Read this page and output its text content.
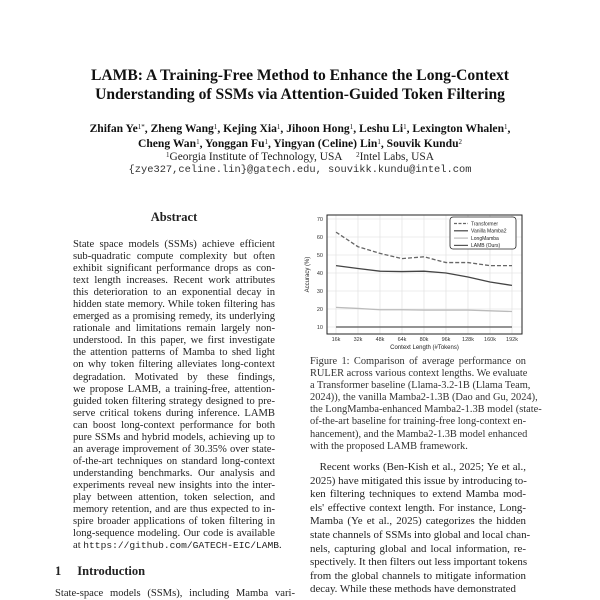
LAMB: A Training-Free Method to Enhance the Long-Context
Understanding of SSMs via Attention-Guided Token Filtering
Zhifan $Ye^{1*}$, Zheng Wang$^1$, Kejing Xia$^1$, Jihoon Hong$^1$, Leshu Li$^1$, Lexington Whalen$^1$,
Cheng Wan$^1$, Yonggan Fu$^1$, Yingyan (Celine) Lin$^1$, Souvik Kundu$^2$
$^1$Georgia Institute of Technology, USA $^2$Intel Labs, USA
{zye327,celine.lin}@gatech.edu, souvikk.kundu@intel.com
Abstract
State space models (SSMs) achieve efficient
sub-quadratic compute complexity but often
exhibit significant performance drops as con-
text length increases. Recent work attributes
this deterioration to an exponential decay in
hidden state memory. While token filtering has
emerged as a promising remedy, its underlying
rationale and limitations remain largely non-
understood. In this paper, we first investigate
the attention patterns of Mamba to shed light
on why token filtering alleviates long-context
degradation. Motivated by these findings,
we propose LAMB, a training-free, attention-
guided token filtering strategy designed to pre-
serve critical tokens during inference. LAMB
can boost long-context performance for both
pure SSMs and hybrid models, achieving up to
an average improvement of 30.35% over state-
of-the-art techniques on standard long-context
understanding benchmarks. Our analysis and
experiments reveal new insights into the inter-
play between attention, token selection, and
memory retention, and are thus expected to in-
spire broader applications of token filtering in
long-sequence modeling. Our code is available
at https://github.com/GATECH-EIC/LAMB.
1 Introduction
State-space models (SSMs), including Mamba vari-
10
20
30
40
50
60
70
16k 32k 48k 64k 80k 96k 128k 160k 192k
Transformer
Vanilla Mamba2
LongMamba
LAMB (Ours)
Context Length (#Tokens)
Accuracy (%)
Figure 1: Comparison of average performance on
RULER across various context lengths. We evaluate
a Transformer baseline (Llama-3.2-1B (Llama Team,
2024)), the vanilla Mamba2-1.3B (Dao and Gu, 2024),
the LongMamba-enhanced Mamba2-1.3B model (state-
of-the-art baseline for training-free long-context en-
hancement), and the Mamba2-1.3B model enhanced
with the proposed LAMB framework.
Recent works (Ben-Kish et al., 2025; Ye et al.,
2025) have mitigated this issue by introducing to-
ken filtering techniques to extend Mamba mod-
els' effective context length. For instance, Long-
Mamba (Ye et al., 2025) categorizes the hidden
state channels of SSMs into global and local chan-
nels, capturing global and local information, re-
spectively. It then filters out less important tokens
from the global channels to mitigate information
decay. While these methods have demonstrated
